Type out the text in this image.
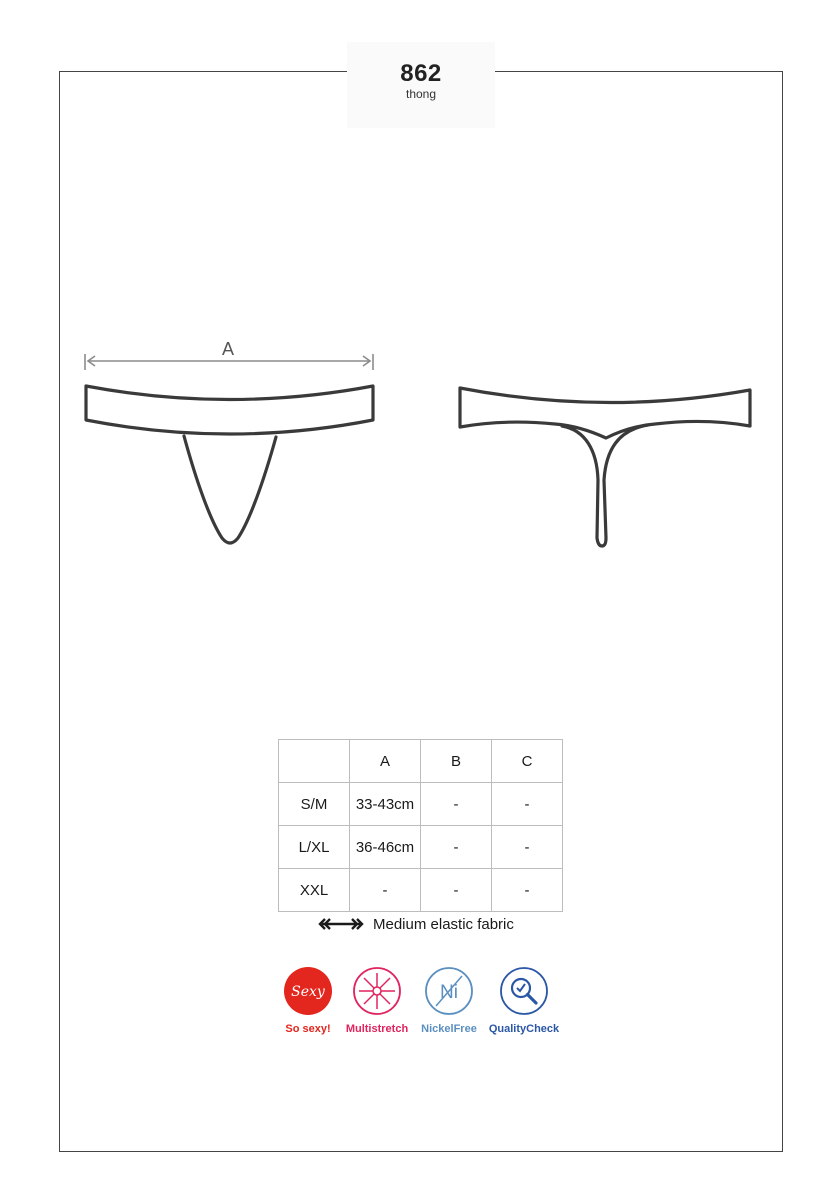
862
thong
A
	A	B	C
S/M	33-43cm	-	-
L/XL	36-46cm	-	-
XXL	-	-	-
Medium elastic fabric
Sexy
So sexy!	Multistretch
Ni
NickelFree	QualityCheck
